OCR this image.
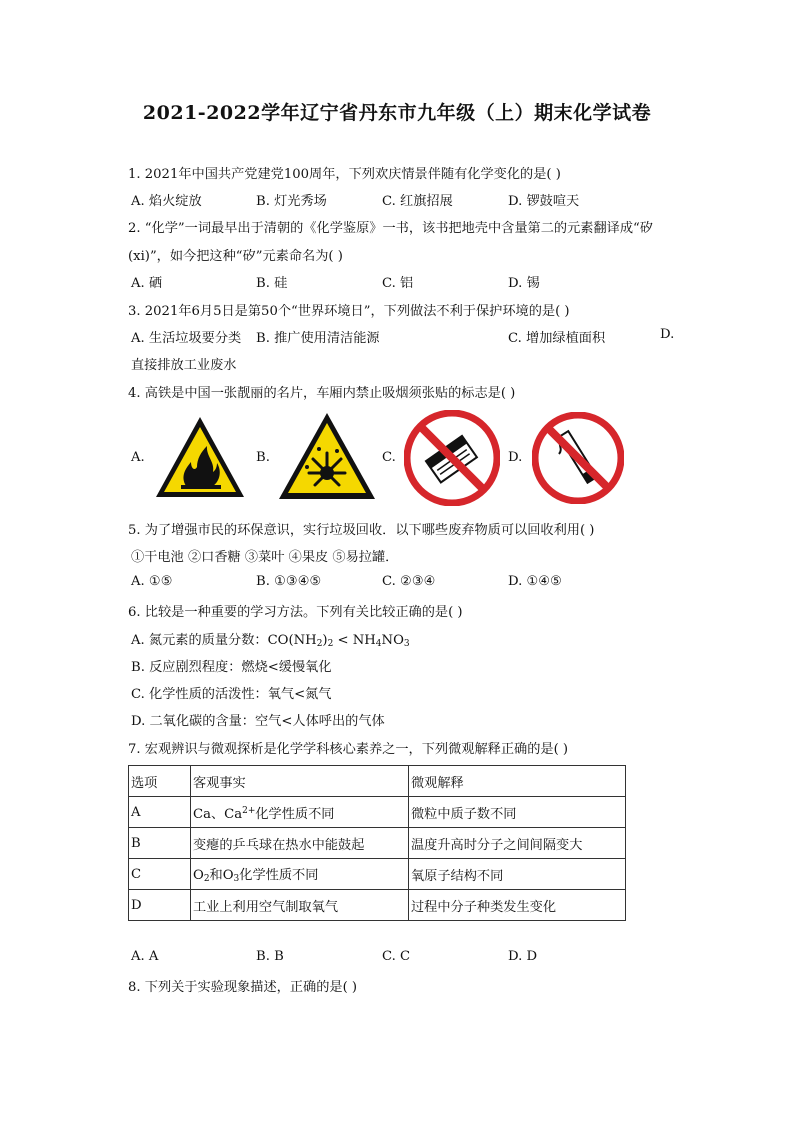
2021-2022学年辽宁省丹东市九年级（上）期末化学试卷
1. 2021年中国共产党建党100周年，下列欢庆情景伴随有化学变化的是( )
A. 焰火绽放	B. 灯光秀场	C. 红旗招展	D. 锣鼓喧天
2. “化学”一词最早出于清朝的《化学鉴原》一书，该书把地壳中含量第二的元素翻译成“矽
(xi)”，如今把这种“矽”元素命名为( )
A. 硒	B. 硅	C. 铝	D. 锡
3. 2021年6月5日是第50个“世界环境日”，下列做法不利于保护环境的是( )
A. 生活垃圾要分类 B. 推广使用清洁能源	C. 增加绿植面积	D.
直接排放工业废水
4. 高铁是中国一张靓丽的名片，车厢内禁止吸烟须张贴的标志是( )
A.	B.	C.	D.
5. 为了增强市民的环保意识，实行垃圾回收．以下哪些废弃物质可以回收利用( )
①干电池 ②口香糖 ③菜叶 ④果皮 ⑤易拉罐．
A. ①⑤	B. ①③④⑤	C. ②③④	D. ①④⑤
6. 比较是一种重要的学习方法。下列有关比较正确的是( )
A. 氮元素的质量分数：$CO(NH_2)_2 < NH_4NO_3$
B. 反应剧烈程度：燃烧<缓慢氧化
C. 化学性质的活泼性：氧气<氮气
D. 二氧化碳的含量：空气<人体呼出的气体
7. 宏观辨识与微观探析是化学学科核心素养之一，下列微观解释正确的是( )
选项	客观事实	微观解释
A	Ca、$Ca^{2+}$化学性质不同	微粒中质子数不同
B	变瘪的乒乓球在热水中能鼓起	温度升高时分子之间间隔变大
C	$O_2$和$O_3$化学性质不同	氧原子结构不同
D	工业上利用空气制取氧气	过程中分子种类发生变化
A. A	B. B	C. C	D. D
8. 下列关于实验现象描述，正确的是( )
